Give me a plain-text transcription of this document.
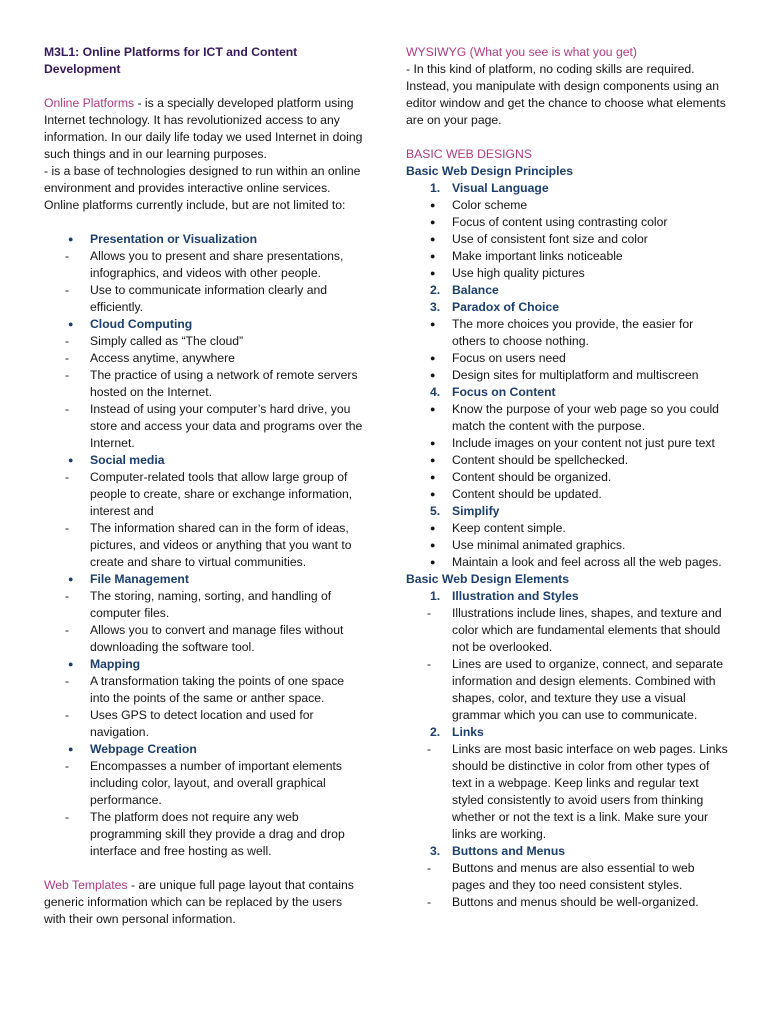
M3L1: Online Platforms for ICT and Content Development

Online Platforms - is a specially developed platform using Internet technology. It has revolutionized access to any information. In our daily life today we used Internet in doing such things and in our learning purposes.

- is a base of technologies designed to run within an online environment and provides interactive online services. Online platforms currently include, but are not limited to:

● Presentation or Visualization
- Allows you to present and share presentations, infographics, and videos with other people.
- Use to communicate information clearly and efficiently.
● Cloud Computing
- Simply called as “The cloud”
- Access anytime, anywhere
- The practice of using a network of remote servers hosted on the Internet.
- Instead of using your computer’s hard drive, you store and access your data and programs over the Internet.
● Social media
- Computer-related tools that allow large group of people to create, share or exchange information, interest and
- The information shared can in the form of ideas, pictures, and videos or anything that you want to create and share to virtual communities.
● File Management
- The storing, naming, sorting, and handling of computer files.
- Allows you to convert and manage files without downloading the software tool.
● Mapping
- A transformation taking the points of one space into the points of the same or anther space.
- Uses GPS to detect location and used for navigation.
● Webpage Creation
- Encompasses a number of important elements including color, layout, and overall graphical performance.
- The platform does not require any web programming skill they provide a drag and drop interface and free hosting as well.

Web Templates - are unique full page layout that contains generic information which can be replaced by the users with their own personal information.

WYSIWYG (What you see is what you get)

- In this kind of platform, no coding skills are required. Instead, you manipulate with design components using an editor window and get the chance to choose what elements are on your page.

BASIC WEB DESIGNS
Basic Web Design Principles
1. Visual Language
● Color scheme
● Focus of content using contrasting color
● Use of consistent font size and color
● Make important links noticeable
● Use high quality pictures
2. Balance
3. Paradox of Choice
● The more choices you provide, the easier for others to choose nothing.
● Focus on users need
● Design sites for multiplatform and multiscreen
4. Focus on Content
● Know the purpose of your web page so you could match the content with the purpose.
● Include images on your content not just pure text
● Content should be spellchecked.
● Content should be organized.
● Content should be updated.
5. Simplify
● Keep content simple.
● Use minimal animated graphics.
● Maintain a look and feel across all the web pages.
Basic Web Design Elements
1. Illustration and Styles
- Illustrations include lines, shapes, and texture and color which are fundamental elements that should not be overlooked.
- Lines are used to organize, connect, and separate information and design elements. Combined with shapes, color, and texture they use a visual grammar which you can use to communicate.
2. Links
- Links are most basic interface on web pages. Links should be distinctive in color from other types of text in a webpage. Keep links and regular text styled consistently to avoid users from thinking whether or not the text is a link. Make sure your links are working.
3. Buttons and Menus
- Buttons and menus are also essential to web pages and they too need consistent styles.
- Buttons and menus should be well-organized.
